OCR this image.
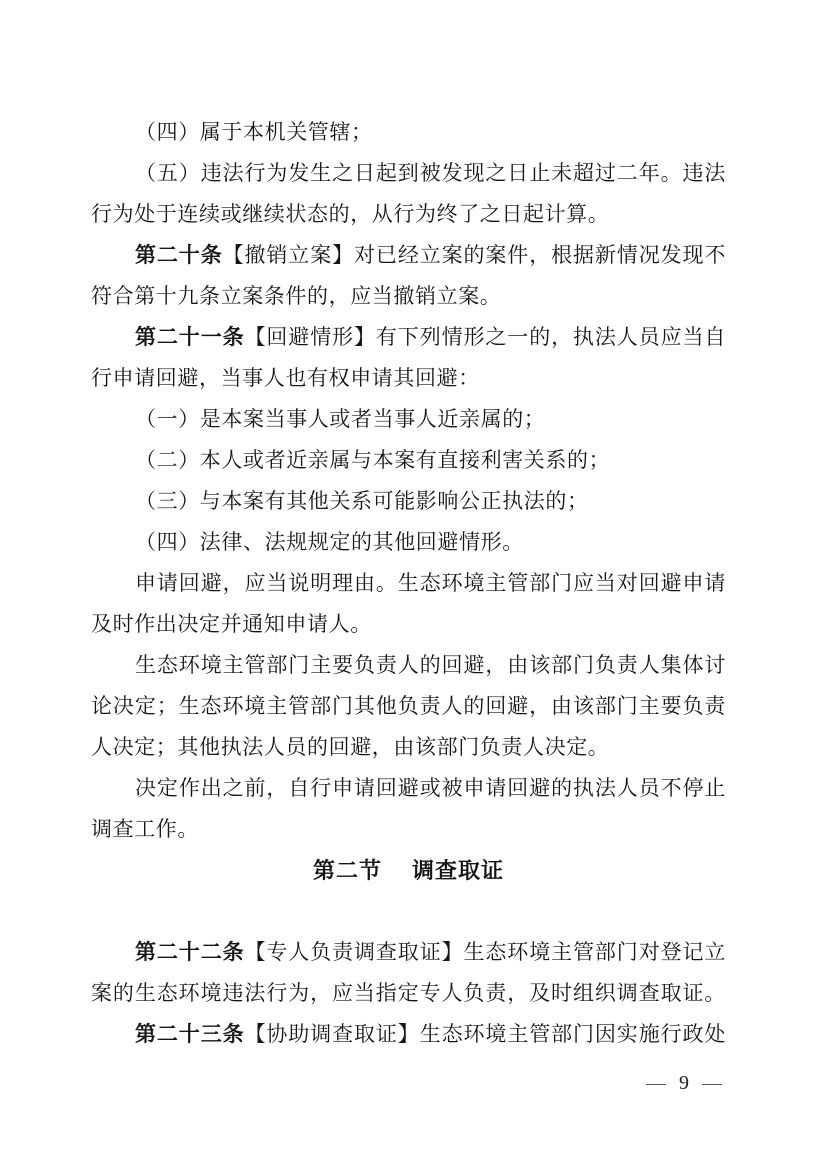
（四）属于本机关管辖；
（五）违法行为发生之日起到被发现之日止未超过二年。违法
行为处于连续或继续状态的，从行为终了之日起计算。
第二十条【撤销立案】对已经立案的案件，根据新情况发现不
符合第十九条立案条件的，应当撤销立案。
第二十一条【回避情形】有下列情形之一的，执法人员应当自
行申请回避，当事人也有权申请其回避：
（一）是本案当事人或者当事人近亲属的；
（二）本人或者近亲属与本案有直接利害关系的；
（三）与本案有其他关系可能影响公正执法的；
（四）法律、法规规定的其他回避情形。
申请回避，应当说明理由。生态环境主管部门应当对回避申请
及时作出决定并通知申请人。
生态环境主管部门主要负责人的回避，由该部门负责人集体讨
论决定；生态环境主管部门其他负责人的回避，由该部门主要负责
人决定；其他执法人员的回避，由该部门负责人决定。
决定作出之前，自行申请回避或被申请回避的执法人员不停止
调查工作。
第二节 调查取证
第二十二条【专人负责调查取证】生态环境主管部门对登记立
案的生态环境违法行为，应当指定专人负责，及时组织调查取证。
第二十三条【协助调查取证】生态环境主管部门因实施行政处
— 9 —
